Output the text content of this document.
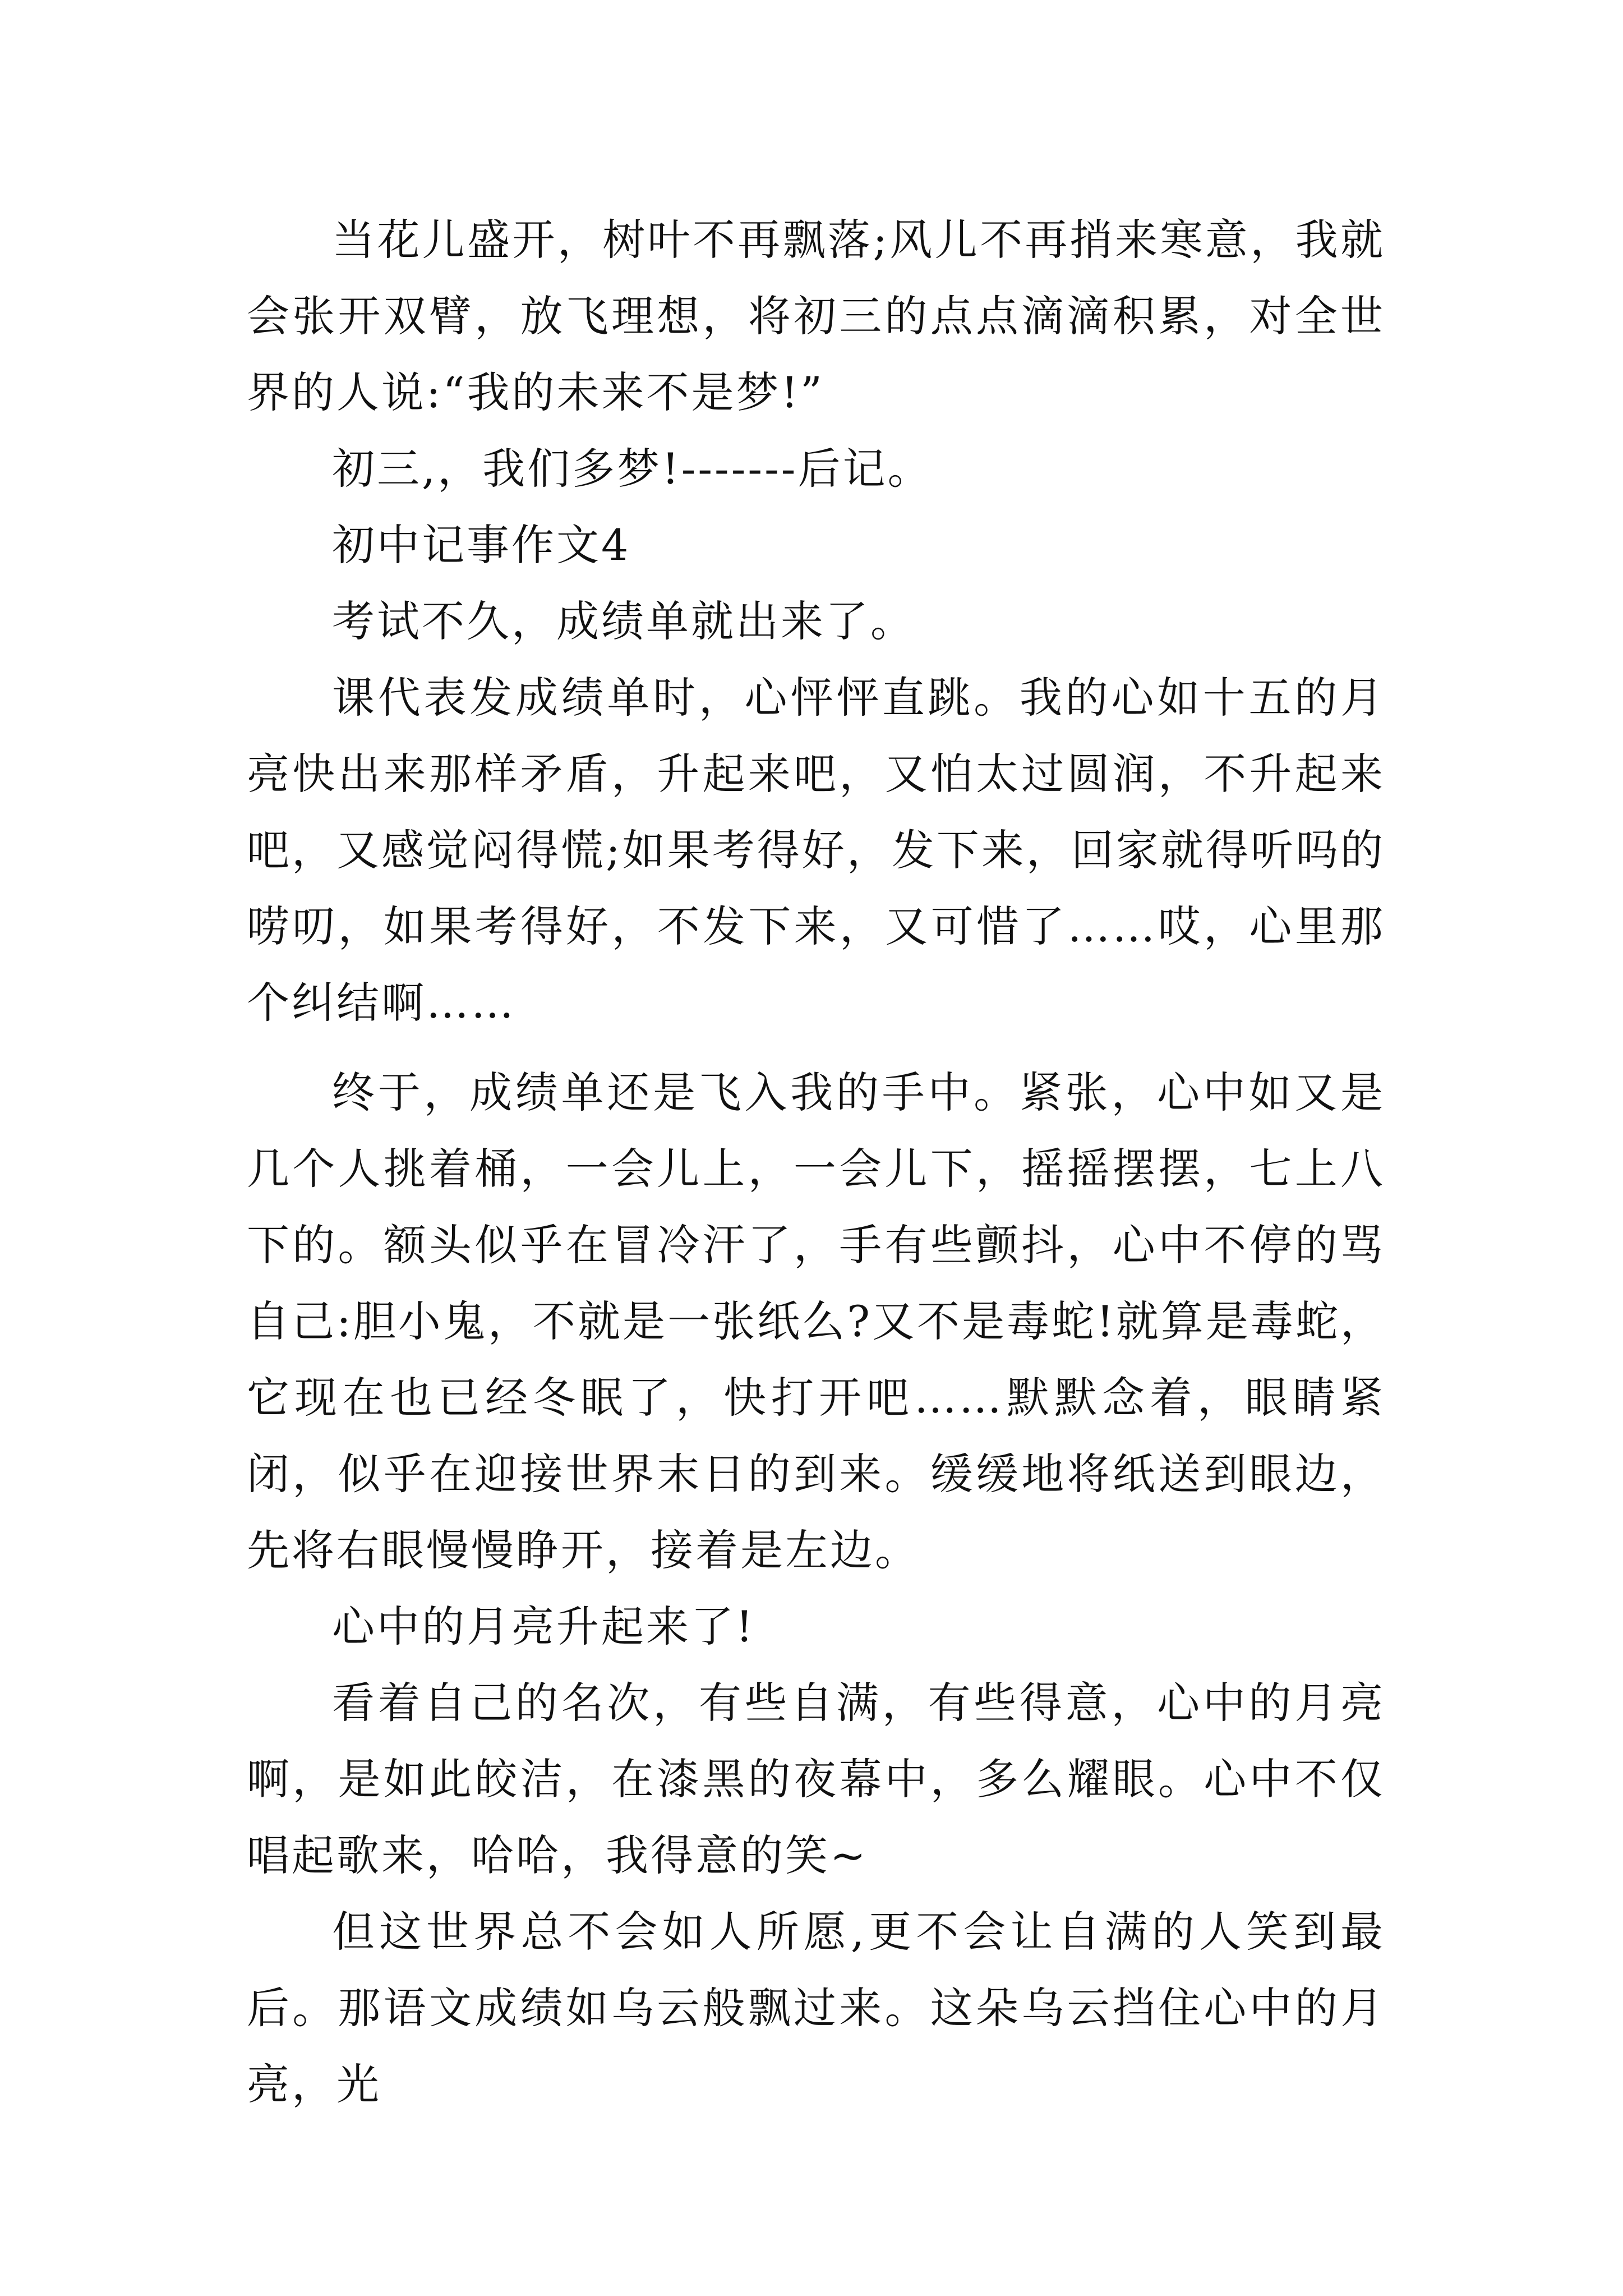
当花儿盛开，树叶不再飘落;风儿不再捎来寒意，我就会张开双臂，放飞理想，将初三的点点滴滴积累，对全世界的人说:“我的未来不是梦!”

初三,，我们多梦!-------后记。

初中记事作文4

考试不久，成绩单就出来了。

课代表发成绩单时，心怦怦直跳。我的心如十五的月亮快出来那样矛盾，升起来吧，又怕太过圆润，不升起来吧，又感觉闷得慌;如果考得好，发下来，回家就得听吗的唠叨，如果考得好，不发下来，又可惜了……哎，心里那个纠结啊……

终于，成绩单还是飞入我的手中。紧张，心中如又是几个人挑着桶，一会儿上，一会儿下，摇摇摆摆，七上八下的。额头似乎在冒冷汗了，手有些颤抖，心中不停的骂自己:胆小鬼，不就是一张纸么?又不是毒蛇!就算是毒蛇，它现在也已经冬眠了，快打开吧……默默念着，眼睛紧闭，似乎在迎接世界末日的到来。缓缓地将纸送到眼边，先将右眼慢慢睁开，接着是左边。

心中的月亮升起来了!

看着自己的名次，有些自满，有些得意，心中的月亮啊，是如此皎洁，在漆黑的夜幕中，多么耀眼。心中不仅唱起歌来，哈哈，我得意的笑~

但这世界总不会如人所愿,更不会让自满的人笑到最后。那语文成绩如乌云般飘过来。这朵乌云挡住心中的月亮，光
